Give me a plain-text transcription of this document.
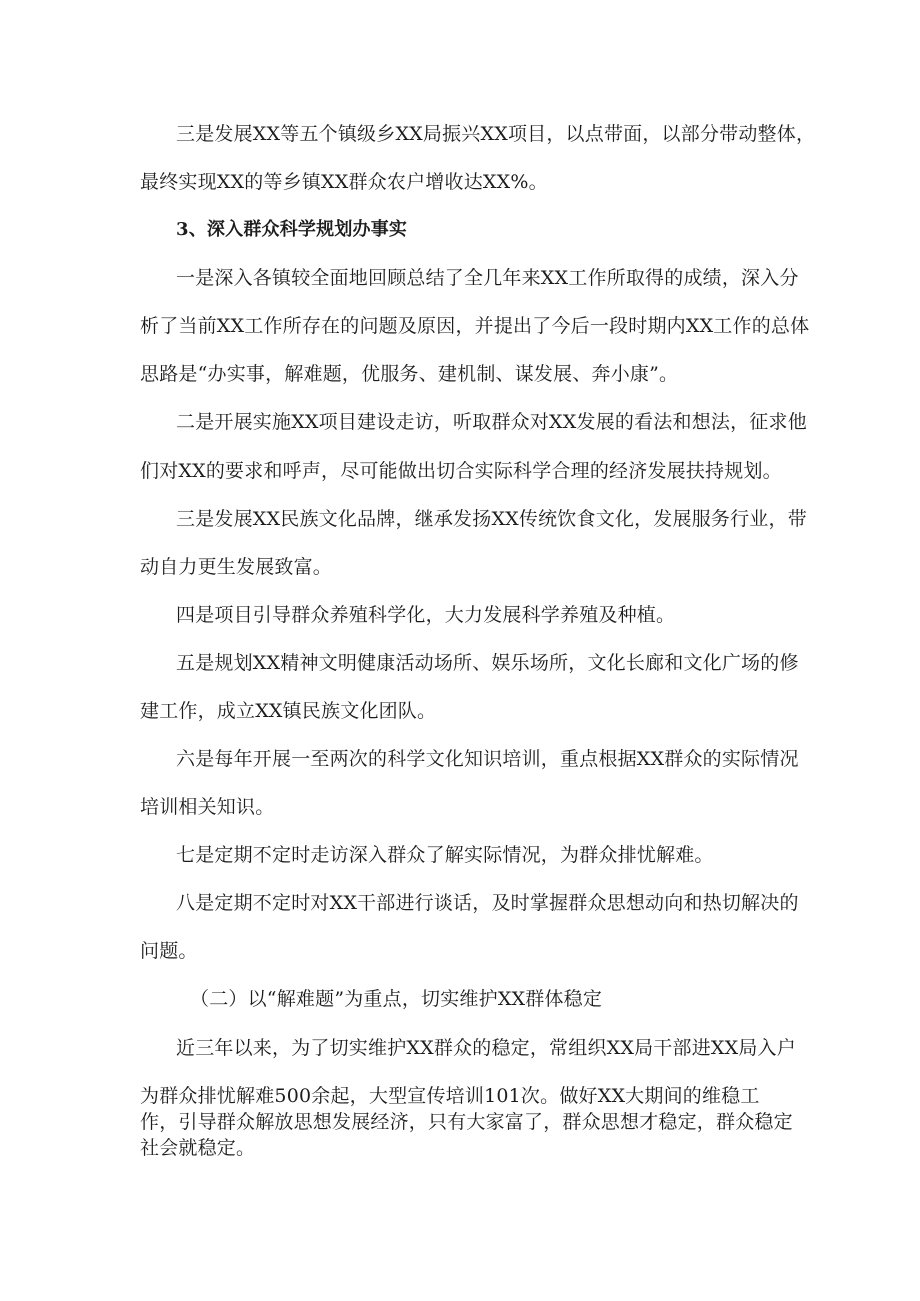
三是发展XX等五个镇级乡XX局振兴XX项目，以点带面，以部分带动整体，

最终实现XX的等乡镇XX群众农户增收达XX%。

3、深入群众科学规划办事实

一是深入各镇较全面地回顾总结了全几年来XX工作所取得的成绩，深入分

析了当前XX工作所存在的问题及原因，并提出了今后一段时期内XX工作的总体

思路是“办实事，解难题，优服务、建机制、谋发展、奔小康”。

二是开展实施XX项目建设走访，听取群众对XX发展的看法和想法，征求他

们对XX的要求和呼声，尽可能做出切合实际科学合理的经济发展扶持规划。

三是发展XX民族文化品牌，继承发扬XX传统饮食文化，发展服务行业，带

动自力更生发展致富。

四是项目引导群众养殖科学化，大力发展科学养殖及种植。

五是规划XX精神文明健康活动场所、娱乐场所，文化长廊和文化广场的修

建工作，成立XX镇民族文化团队。

六是每年开展一至两次的科学文化知识培训，重点根据XX群众的实际情况

培训相关知识。

七是定期不定时走访深入群众了解实际情况，为群众排忧解难。

八是定期不定时对XX干部进行谈话，及时掌握群众思想动向和热切解决的

问题。

（二）以“解难题”为重点，切实维护XX群体稳定

近三年以来，为了切实维护XX群众的稳定，常组织XX局干部进XX局入户

为群众排忧解难500余起，大型宣传培训101次。做好XX大期间的维稳工

作，引导群众解放思想发展经济，只有大家富了，群众思想才稳定，群众稳定

社会就稳定。
